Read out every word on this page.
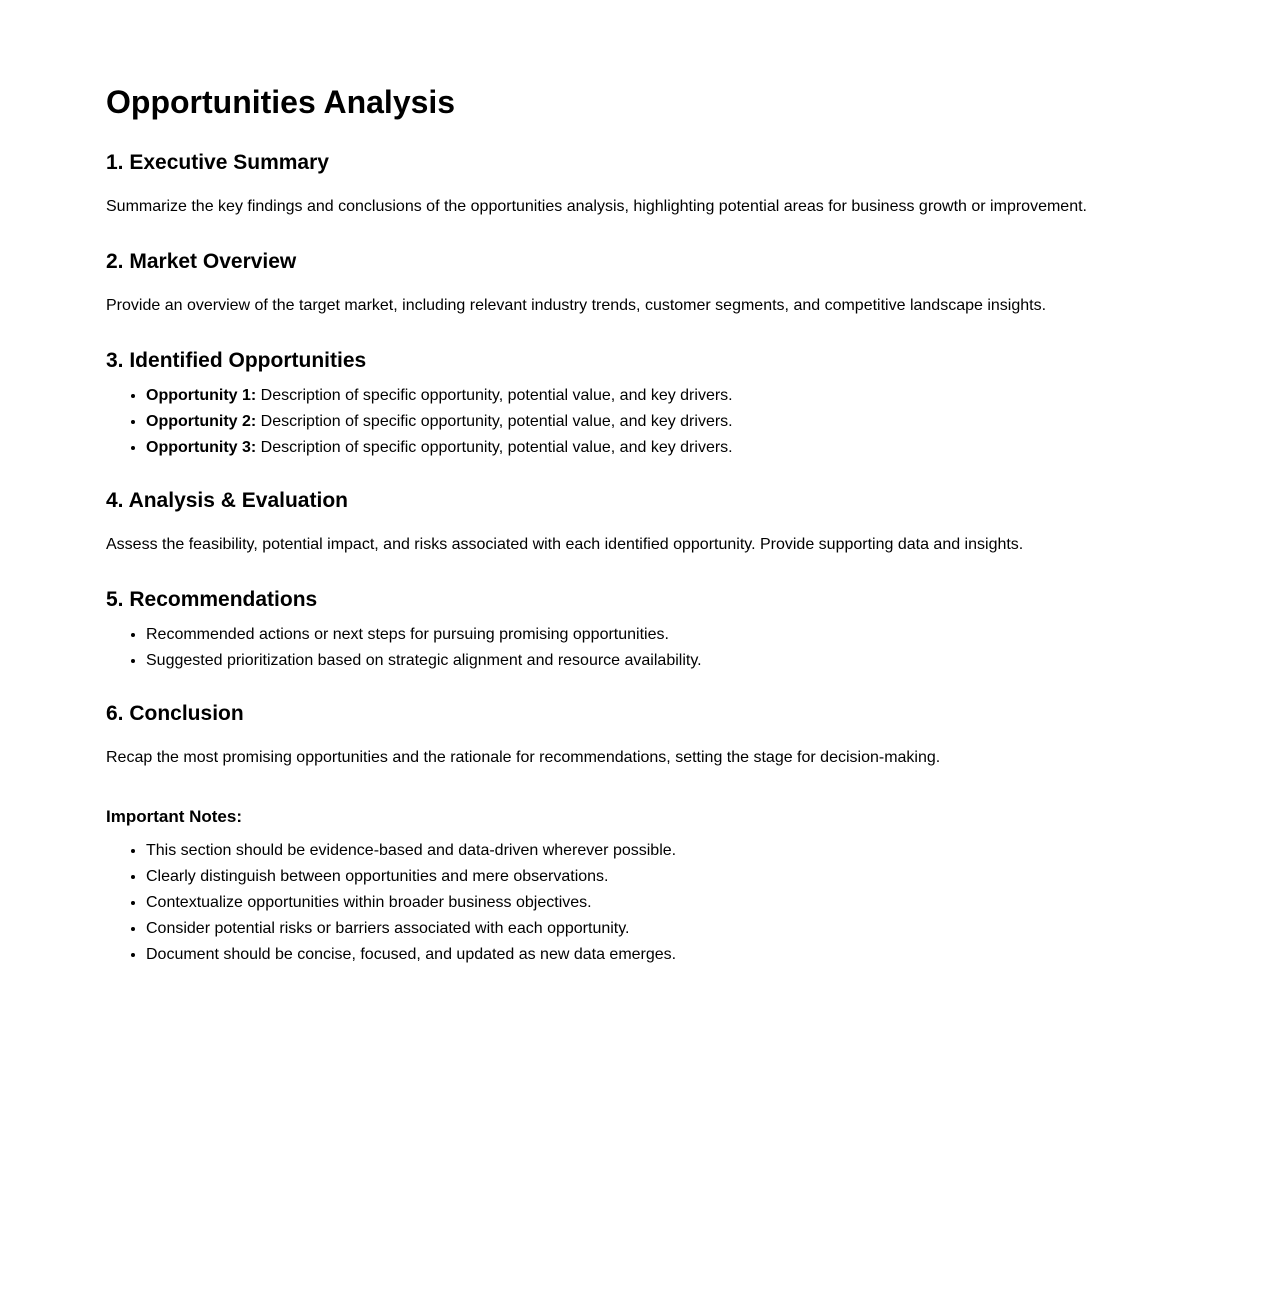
Opportunities Analysis
1. Executive Summary

Summarize the key findings and conclusions of the opportunities analysis, highlighting potential areas for business growth or improvement.

2. Market Overview

Provide an overview of the target market, including relevant industry trends, customer segments, and competitive landscape insights.

3. Identified Opportunities
• Opportunity 1: Description of specific opportunity, potential value, and key drivers.
• Opportunity 2: Description of specific opportunity, potential value, and key drivers.
• Opportunity 3: Description of specific opportunity, potential value, and key drivers.
4. Analysis & Evaluation

Assess the feasibility, potential impact, and risks associated with each identified opportunity. Provide supporting data and insights.

5. Recommendations
• Recommended actions or next steps for pursuing promising opportunities.
• Suggested prioritization based on strategic alignment and resource availability.
6. Conclusion

Recap the most promising opportunities and the rationale for recommendations, setting the stage for decision-making.

Important Notes:
• This section should be evidence-based and data-driven wherever possible.
• Clearly distinguish between opportunities and mere observations.
• Contextualize opportunities within broader business objectives.
• Consider potential risks or barriers associated with each opportunity.
• Document should be concise, focused, and updated as new data emerges.
